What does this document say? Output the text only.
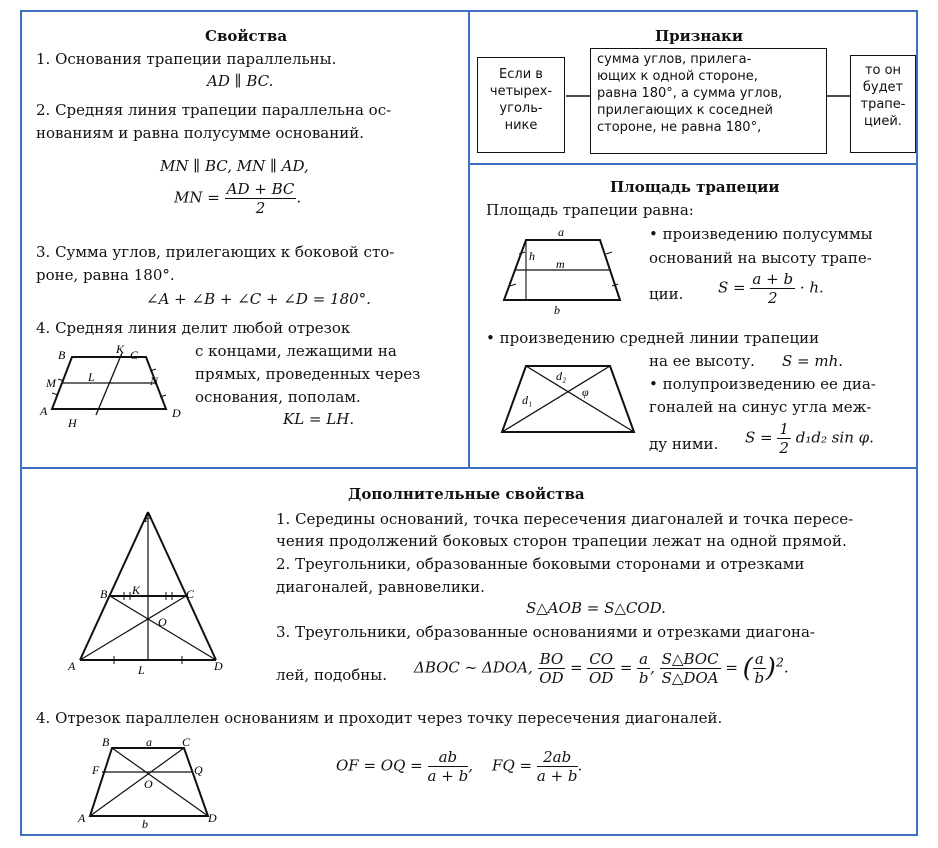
Свойства
1. Основания трапеции параллельны.
AD ∥ BC.
2. Средняя линия трапеции параллельна ос-
нованиям и равна полусумме оснований.
MN ∥ BC, MN ∥ AD,
MN = $\frac{AD + BC}{2}$ .
3. Сумма углов, прилегающих к боковой сто-
роне, равна 180°.
∠A + ∠B + ∠C + ∠D = 180°.
4. Средняя линия делит любой отрезок
с концами, лежащими на
прямых, проведенных через
основания, пополам.
KL = LH.
B	K C
M	L	N
A
H
D
Признаки
Если в
четырех-
уголь-
нике
сумма углов, прилега-
ющих к одной стороне,
равна 180°, а сумма углов,
прилегающих к соседней
стороне, не равна 180°,
то он
будет
трапе-
цией.
Площадь трапеции
Площадь трапеции равна:
a
h
m
b
• произведению полусуммы
оснований на высоту трапе-
ции. $S = \frac{a + b}{2} \cdot h$.
• произведению средней линии трапеции
на ее высоту. S = mh.
d₂
φ
d₁
• полупроизведению ее диа-
гоналей на синус угла меж-
ду ними. $S = \frac{1}{2} d_1d_2$ sin φ.
Дополнительные свойства
P
B K	C
O
A	L	D
1. Середины оснований, точка пересечения диагоналей и точка пересе-
чения продолжений боковых сторон трапеции лежат на одной прямой.
2. Треугольники, образованные боковыми сторонами и отрезками
диагоналей, равновелики.
S△AOB = S△COD.
3. Треугольники, образованные основаниями и отрезками диагона-
лей, подобны. ΔBOC ~ ΔDOA, $\frac{BO}{OD} = \frac{CO}{OD} = \frac{a}{b}$ , $\frac{\text{S△BOC}}{\text{S△DOA}}$ = ( $\frac{a}{b} )^2$.
4. Отрезок параллелен основаниям и проходит через точку пересечения диагоналей.
B	a	C
F	Q
O
A	b	D
OF = OQ = $\frac{ab}{a + b}$ ,    FQ = $\frac{2ab}{a + b}$ .
